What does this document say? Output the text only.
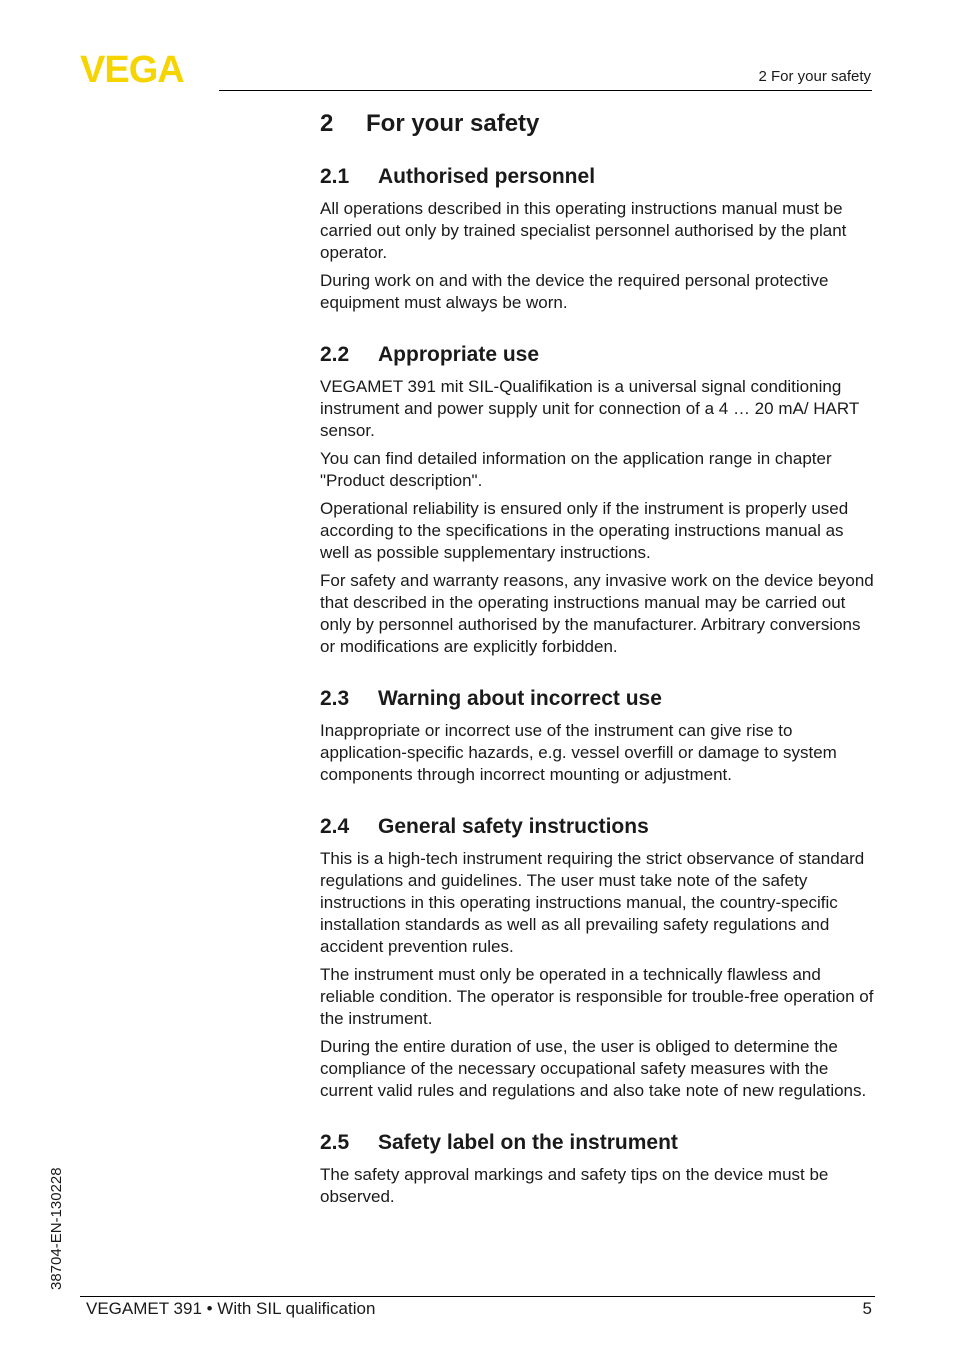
VEGA	2 For your safety
2	For your safety
2.1	Authorised personnel

All operations described in this operating instructions manual must be carried out only by trained specialist personnel authorised by the plant operator.

During work on and with the device the required personal protective equipment must always be worn.

2.2	Appropriate use

VEGAMET 391 mit SIL-Qualifikation is a universal signal conditioning instrument and power supply unit for connection of a 4 … 20 mA/ HART sensor.

You can find detailed information on the application range in chapter "Product description".

Operational reliability is ensured only if the instrument is properly used according to the specifications in the operating instructions manual as well as possible supplementary instructions.

For safety and warranty reasons, any invasive work on the device beyond that described in the operating instructions manual may be carried out only by personnel authorised by the manufacturer. Arbitrary conversions or modifications are explicitly forbidden.

2.3	Warning about incorrect use

Inappropriate or incorrect use of the instrument can give rise to application-specific hazards, e.g. vessel overfill or damage to system components through incorrect mounting or adjustment.

2.4	General safety instructions

This is a high-tech instrument requiring the strict observance of standard regulations and guidelines. The user must take note of the safety instructions in this operating instructions manual, the country-specific installation standards as well as all prevailing safety regulations and accident prevention rules.

The instrument must only be operated in a technically flawless and reliable condition. The operator is responsible for trouble-free operation of the instrument.

During the entire duration of use, the user is obliged to determine the compliance of the necessary occupational safety measures with the current valid rules and regulations and also take note of new regulations.

2.5	Safety label on the instrument

The safety approval markings and safety tips on the device must be observed.

38704-EN-130228
VEGAMET 391 • With SIL qualification	5
